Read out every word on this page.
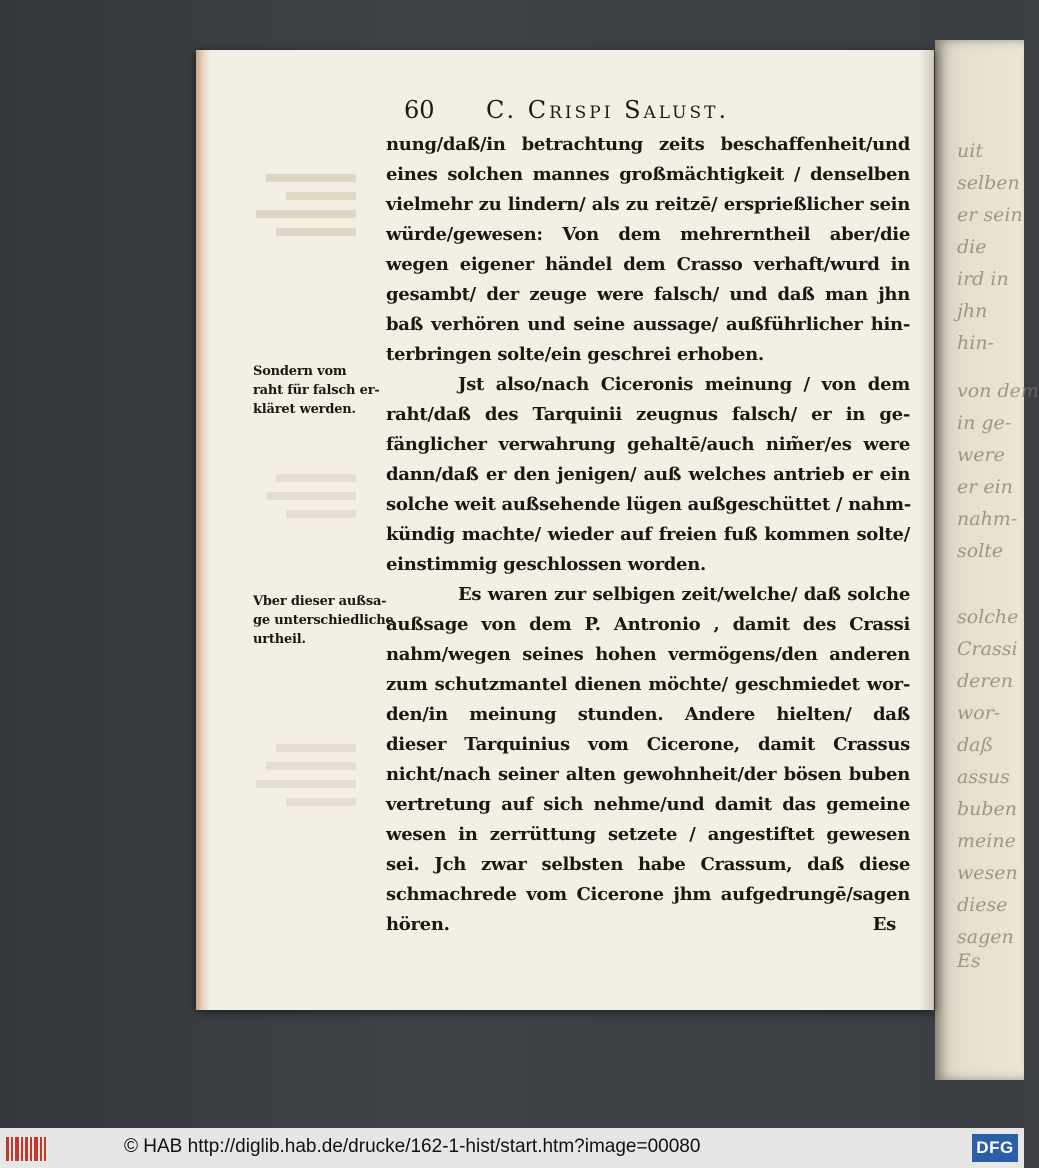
uit
selben
er sein
die
ird in
jhn
hin-
von dem
in ge-
were
er ein
nahm-
solte
solche
Crassi
deren
wor-
daß
assus
buben
meine
wesen
diese
sagen
Es
60 C. Crispi Salust.
nung/daß/in betrachtung zeits beschaffenheit/und
eines solchen mannes großmächtigkeit / denselben
vielmehr zu lindern/ als zu reitzē/ ersprießlicher sein
würde/gewesen: Von dem mehrerntheil aber/die
wegen eigener händel dem Crasso verhaft/wurd in
gesambt/ der zeuge were falsch/ und daß man jhn
baß verhören und seine aussage/ außführlicher hin-
terbringen solte/ein geschrei erhoben.
Jst also/nach Ciceronis meinung / von dem
raht/daß des Tarquinii zeugnus falsch/ er in ge-
fänglicher verwahrung gehaltē/auch nim̃er/es were
dann/daß er den jenigen/ auß welches antrieb er ein
solche weit außsehende lügen außgeschüttet / nahm-
kündig machte/ wieder auf freien fuß kommen solte/
einstimmig geschlossen worden.
Es waren zur selbigen zeit/welche/ daß solche
außsage von dem P. Antronio , damit des Crassi
nahm/wegen seines hohen vermögens/den anderen
zum schutzmantel dienen möchte/ geschmiedet wor-
den/in meinung stunden. Andere hielten/ daß
dieser Tarquinius vom Cicerone, damit Crassus
nicht/nach seiner alten gewohnheit/der bösen buben
vertretung auf sich nehme/und damit das gemeine
wesen in zerrüttung setzete / angestiftet gewesen
sei. Jch zwar selbsten habe Crassum, daß diese
schmachrede vom Cicerone jhm aufgedrungē/sagen
hören.	Es
Sondern vom
raht für falsch er-
kläret werden.
Vber dieser außsa-
ge unterschiedliche
urtheil.
© HAB http://diglib.hab.de/drucke/162-1-hist/start.htm?image=00080	DFG
